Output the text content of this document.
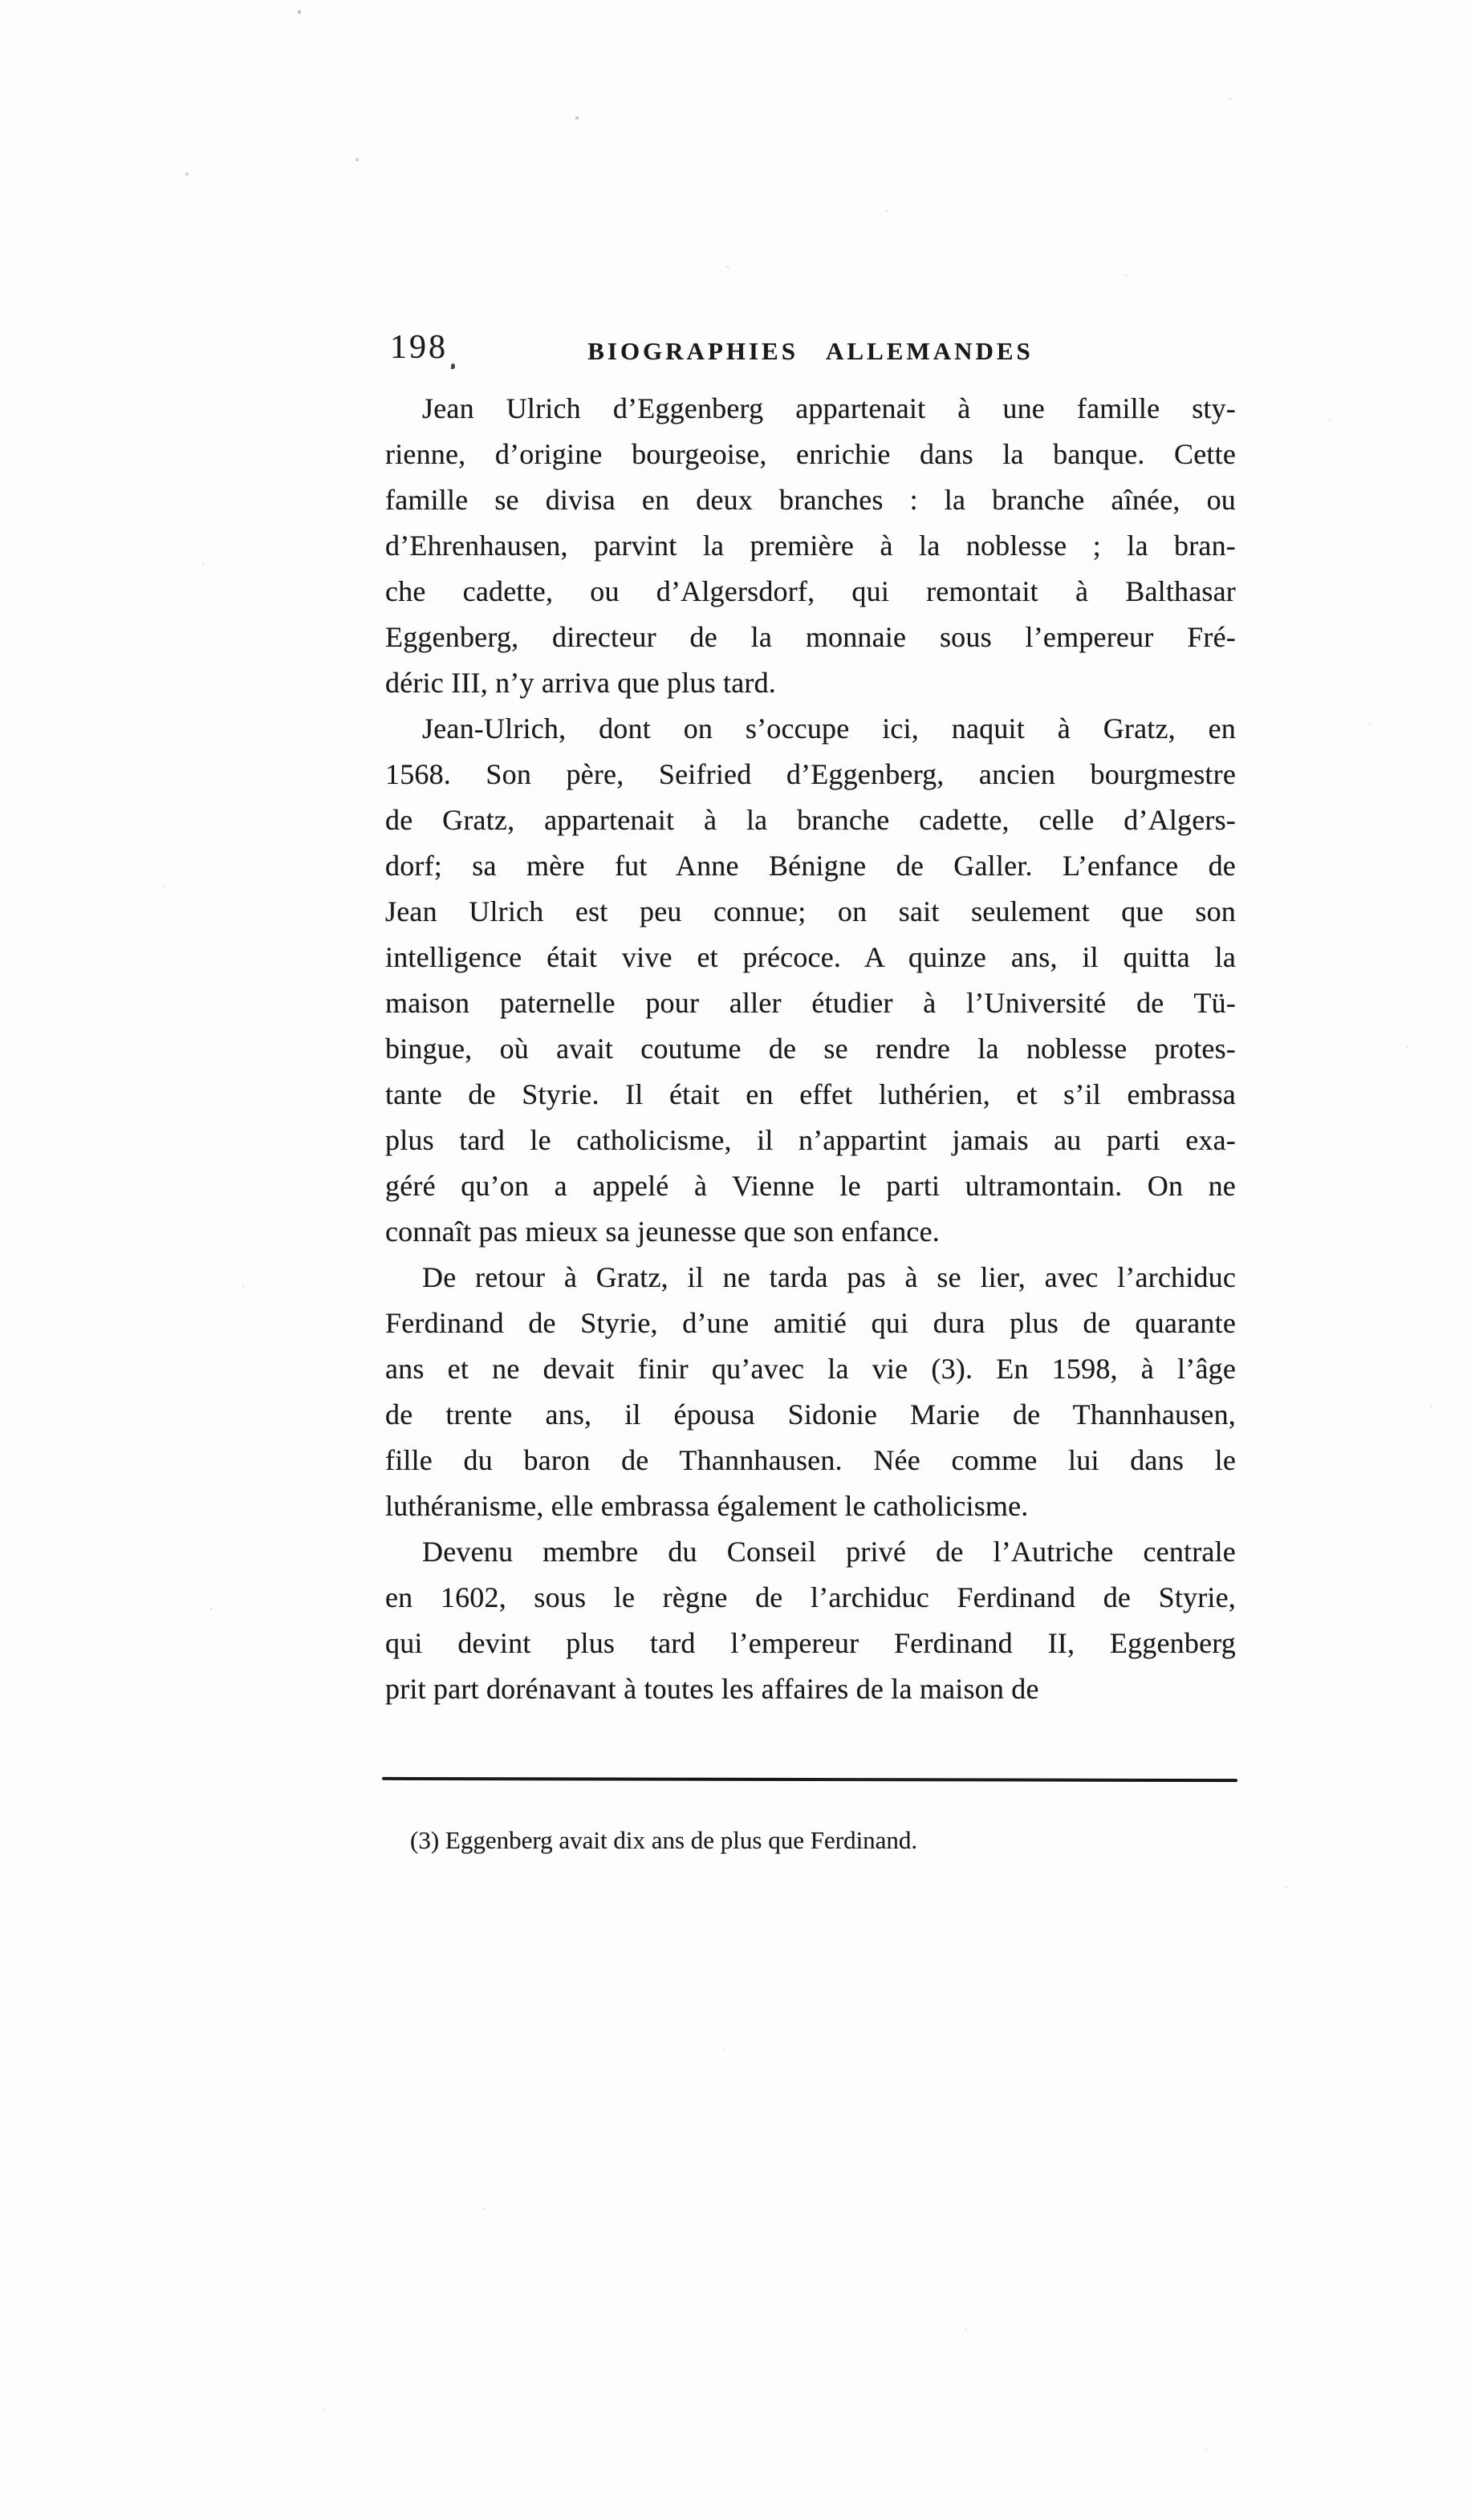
198	BIOGRAPHIES ALLEMANDES
Jean Ulrich d’Eggenberg appartenait à une famille sty-
rienne, d’origine bourgeoise, enrichie dans la banque. Cette
famille se divisa en deux branches : la branche aînée, ou
d’Ehrenhausen, parvint la première à la noblesse ; la bran-
che cadette, ou d’Algersdorf, qui remontait à Balthasar
Eggenberg, directeur de la monnaie sous l’empereur Fré-
déric III, n’y arriva que plus tard.
Jean-Ulrich, dont on s’occupe ici, naquit à Gratz, en
1568. Son père, Seifried d’Eggenberg, ancien bourgmestre
de Gratz, appartenait à la branche cadette, celle d’Algers-
dorf; sa mère fut Anne Bénigne de Galler. L’enfance de
Jean Ulrich est peu connue; on sait seulement que son
intelligence était vive et précoce. A quinze ans, il quitta la
maison paternelle pour aller étudier à l’Université de Tü-
bingue, où avait coutume de se rendre la noblesse protes-
tante de Styrie. Il était en effet luthérien, et s’il embrassa
plus tard le catholicisme, il n’appartint jamais au parti exa-
géré qu’on a appelé à Vienne le parti ultramontain. On ne
connaît pas mieux sa jeunesse que son enfance.
De retour à Gratz, il ne tarda pas à se lier, avec l’archiduc
Ferdinand de Styrie, d’une amitié qui dura plus de quarante
ans et ne devait finir qu’avec la vie (3). En 1598, à l’âge
de trente ans, il épousa Sidonie Marie de Thannhausen,
fille du baron de Thannhausen. Née comme lui dans le
luthéranisme, elle embrassa également le catholicisme.
Devenu membre du Conseil privé de l’Autriche centrale
en 1602, sous le règne de l’archiduc Ferdinand de Styrie,
qui devint plus tard l’empereur Ferdinand II, Eggenberg
prit part dorénavant à toutes les affaires de la maison de
(3) Eggenberg avait dix ans de plus que Ferdinand.
